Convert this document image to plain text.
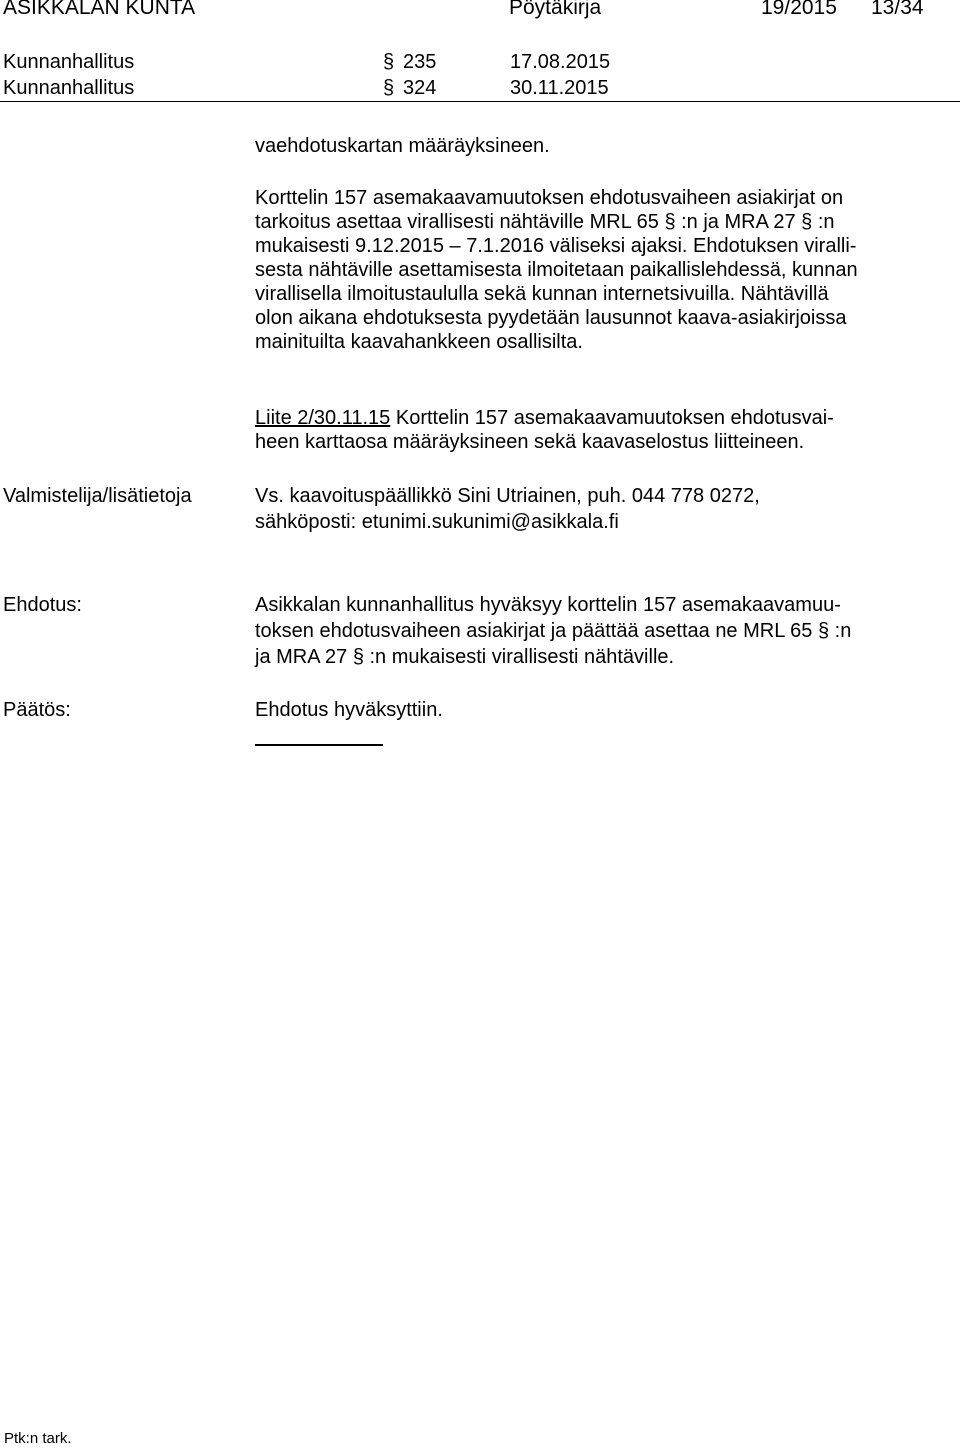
ASIKKALAN KUNTA	Pöytäkirja	19/2015 13/34
Kunnanhallitus	§ 235	17.08.2015
Kunnanhallitus	§ 324	30.11.2015
vaehdotuskartan määräyksineen.
Korttelin 157 asemakaavamuutoksen ehdotusvaiheen asiakirjat on
tarkoitus asettaa virallisesti nähtäville MRL 65 § :n ja MRA 27 § :n
mukaisesti 9.12.2015 – 7.1.2016 väliseksi ajaksi. Ehdotuksen viralli-
sesta nähtäville asettamisesta ilmoitetaan paikallislehdessä, kunnan
virallisella ilmoitustaululla sekä kunnan internetsivuilla. Nähtävillä
olon aikana ehdotuksesta pyydetään lausunnot kaava-asiakirjoissa
mainituilta kaavahankkeen osallisilta.
Liite 2/30.11.15 Korttelin 157 asemakaavamuutoksen ehdotusvai-
heen karttaosa määräyksineen sekä kaavaselostus liitteineen.
Valmistelija/lisätietoja	Vs. kaavoituspäällikkö Sini Utriainen, puh. 044 778 0272,
sähköposti: etunimi.sukunimi@asikkala.fi
Ehdotus:	Asikkalan kunnanhallitus hyväksyy korttelin 157 asemakaavamuu-
toksen ehdotusvaiheen asiakirjat ja päättää asettaa ne MRL 65 § :n
ja MRA 27 § :n mukaisesti virallisesti nähtäville.
Päätös:	Ehdotus hyväksyttiin.
Ptk:n tark.
